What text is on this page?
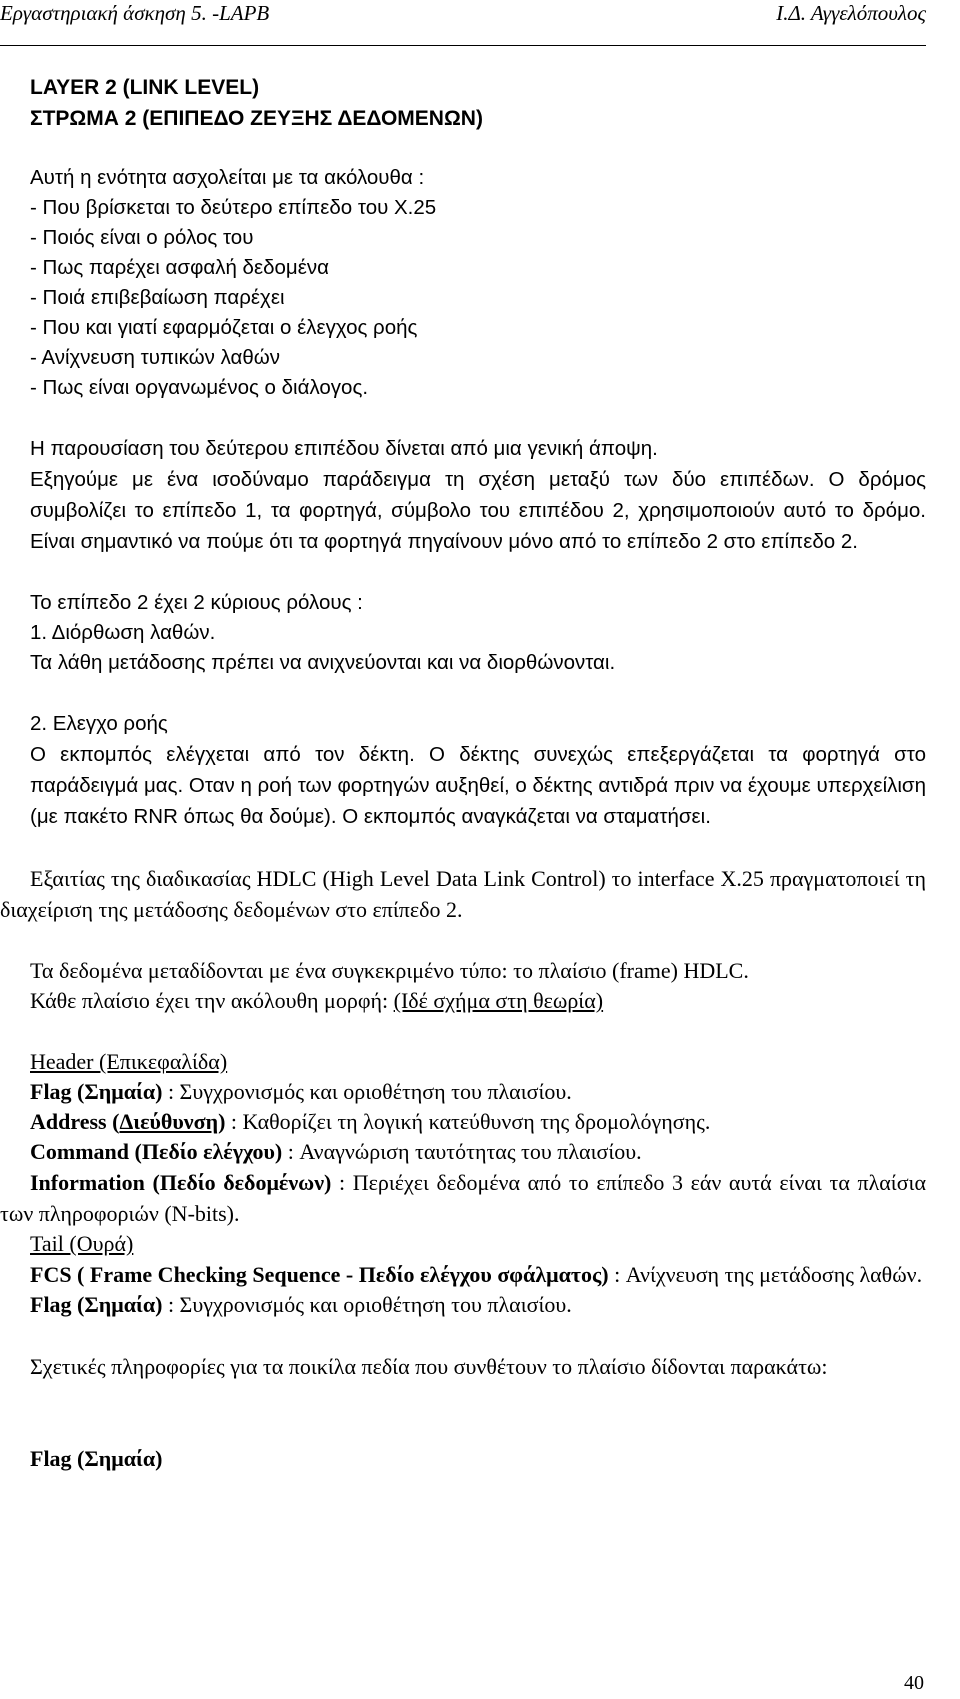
Εργαστηριακή άσκηση 5. -LAPB	Ι.Δ. Αγγελόπουλος
LAYER 2 (LINK LEVEL)
ΣΤΡΩΜΑ 2 (ΕΠΙΠΕΔΟ ΖΕΥΞΗΣ ΔΕΔΟΜΕΝΩΝ)
Αυτή η ενότητα ασχολείται με τα ακόλουθα :
- Που βρίσκεται το δεύτερο επίπεδο του X.25
- Ποιός είναι ο ρόλος του
- Πως παρέχει ασφαλή δεδομένα
- Ποιά επιβεβαίωση παρέχει
- Που και γιατί εφαρμόζεται ο έλεγχος ροής
- Ανίχνευση τυπικών λαθών
- Πως είναι οργανωμένος ο διάλογος.
Η παρουσίαση του δεύτερου επιπέδου δίνεται από μια γενική άποψη.
Εξηγούμε με ένα ισοδύναμο παράδειγμα τη σχέση μεταξύ των δύο επιπέδων. Ο δρόμος συμβολίζει το επίπεδο 1, τα φορτηγά, σύμβολο του επιπέδου 2, χρησιμοποιούν αυτό το δρόμο. Είναι σημαντικό να πούμε ότι τα φορτηγά πηγαίνουν μόνο από το επίπεδο 2 στο επίπεδο 2.
Το επίπεδο 2 έχει 2 κύριους ρόλους :
1. Διόρθωση λαθών.
Τα λάθη μετάδοσης πρέπει να ανιχνεύονται και να διορθώνονται.
2. Ελεγχο ροής
Ο εκπομπός ελέγχεται από τον δέκτη. Ο δέκτης συνεχώς επεξεργάζεται τα φορτηγά στο παράδειγμά μας. Οταν η ροή των φορτηγών αυξηθεί, ο δέκτης αντιδρά πριν να έχουμε υπερχείλιση (με πακέτο RNR όπως θα δούμε). Ο εκπομπός αναγκάζεται να σταματήσει.
Εξαιτίας της διαδικασίας HDLC (High Level Data Link Control) το interface X.25 πραγματοποιεί τη διαχείριση της μετάδοσης δεδομένων στο επίπεδο 2.
Τα δεδομένα μεταδίδονται με ένα συγκεκριμένο τύπο: το πλαίσιο (frame) HDLC.
Κάθε πλαίσιο έχει την ακόλουθη μορφή: (Ιδέ σχήμα στη θεωρία)
Header (Επικεφαλίδα)
Flag (Σημαία) : Συγχρονισμός και οριοθέτηση του πλαισίου.
Address (Διεύθυνση) : Καθορίζει τη λογική κατεύθυνση της δρομολόγησης.
Command (Πεδίο ελέγχου) : Αναγνώριση ταυτότητας του πλαισίου.
Information (Πεδίο δεδομένων) : Περιέχει δεδομένα από το επίπεδο 3 εάν αυτά είναι τα πλαίσια των πληροφοριών (N-bits).
Tail (Ουρά)
FCS ( Frame Checking Sequence - Πεδίο ελέγχου σφάλματος) : Ανίχνευση της μετάδοσης λαθών.
Flag (Σημαία) : Συγχρονισμός και οριοθέτηση του πλαισίου.
Σχετικές πληροφορίες για τα ποικίλα πεδία που συνθέτουν το πλαίσιο δίδονται παρακάτω:
Flag (Σημαία)
40
